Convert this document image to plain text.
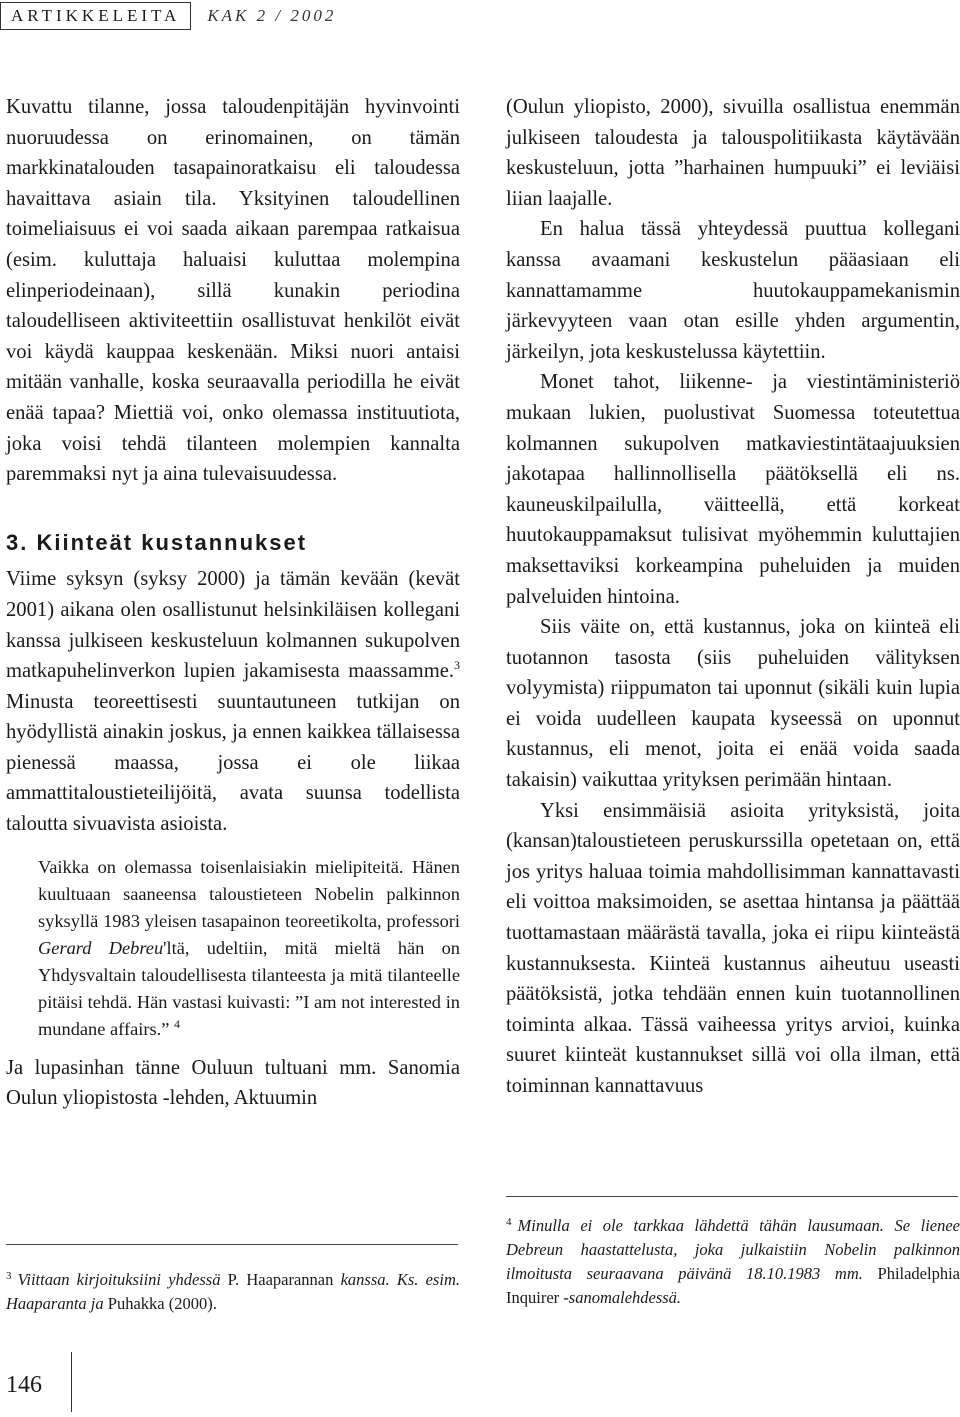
ARTIKKELEITA	KAK 2 / 2002

Kuvattu tilanne, jossa taloudenpitäjän hyvinvointi nuoruudessa on erinomainen, on tämän markkinatalouden tasapainoratkaisu eli taloudessa havaittava asiain tila. Yksityinen taloudellinen toimeliaisuus ei voi saada aikaan parempaa ratkaisua (esim. kuluttaja haluaisi kuluttaa molempina elinperiodeinaan), sillä kunakin periodina taloudelliseen aktiviteettiin osallistuvat henkilöt eivät voi käydä kauppaa keskenään. Miksi nuori antaisi mitään vanhalle, koska seuraavalla periodilla he eivät enää tapaa? Miettiä voi, onko olemassa instituutiota, joka voisi tehdä tilanteen molempien kannalta paremmaksi nyt ja aina tulevaisuudessa.

3. Kiinteät kustannukset

Viime syksyn (syksy 2000) ja tämän kevään (kevät 2001) aikana olen osallistunut helsinkiläisen kollegani kanssa julkiseen keskusteluun kolmannen sukupolven matkapuhelinverkon lupien jakamisesta maassamme.$^3$ Minusta teoreettisesti suuntautuneen tutkijan on hyödyllistä ainakin joskus, ja ennen kaikkea tällaisessa pienessä maassa, jossa ei ole liikaa ammattitaloustieteilijöitä, avata suunsa todellista taloutta sivuavista asioista.

Vaikka on olemassa toisenlaisiakin mielipiteitä. Hänen kuultuaan saaneensa taloustieteen Nobelin palkinnon syksyllä 1983 yleisen tasapainon teoreetikolta, professori Gerard Debreu'ltä, udeltiin, mitä mieltä hän on Yhdysvaltain taloudellisesta tilanteesta ja mitä tilanteelle pitäisi tehdä. Hän vastasi kuivasti: ”I am not interested in mundane affairs.” $^4$

Ja lupasinhan tänne Ouluun tultuani mm. Sanomia Oulun yliopistosta -lehden, Aktuumin

$^3$ Viittaan kirjoituksiini yhdessä P. Haaparannan kanssa. Ks. esim. Haaparanta ja Puhakka (2000).

(Oulun yliopisto, 2000), sivuilla osallistua enemmän julkiseen taloudesta ja talouspolitiikasta käytävään keskusteluun, jotta ”harhainen humpuuki” ei leviäisi liian laajalle.

En halua tässä yhteydessä puuttua kollegani kanssa avaamani keskustelun pääasiaan eli kannattamamme huutokauppamekanismin järkevyyteen vaan otan esille yhden argumentin, järkeilyn, jota keskustelussa käytettiin.

Monet tahot, liikenne- ja viestintäministeriö mukaan lukien, puolustivat Suomessa toteutettua kolmannen sukupolven matkaviestintätaajuuksien jakotapaa hallinnollisella päätöksellä eli ns. kauneuskilpailulla, väitteellä, että korkeat huutokauppamaksut tulisivat myöhemmin kuluttajien maksettaviksi korkeampina puheluiden ja muiden palveluiden hintoina.

Siis väite on, että kustannus, joka on kiinteä eli tuotannon tasosta (siis puheluiden välityksen volyymista) riippumaton tai uponnut (sikäli kuin lupia ei voida uudelleen kaupata kyseessä on uponnut kustannus, eli menot, joita ei enää voida saada takaisin) vaikuttaa yrityksen perimään hintaan.

Yksi ensimmäisiä asioita yrityksistä, joita (kansan)taloustieteen peruskurssilla opetetaan on, että jos yritys haluaa toimia mahdollisimman kannattavasti eli voittoa maksimoiden, se asettaa hintansa ja päättää tuottamastaan määrästä tavalla, joka ei riipu kiinteästä kustannuksesta. Kiinteä kustannus aiheutuu useasti päätöksistä, jotka tehdään ennen kuin tuotannollinen toiminta alkaa. Tässä vaiheessa yritys arvioi, kuinka suuret kiinteät kustannukset sillä voi olla ilman, että toiminnan kannattavuus

$^4$ Minulla ei ole tarkkaa lähdettä tähän lausumaan. Se lienee Debreun haastattelusta, joka julkaistiin Nobelin palkinnon ilmoitusta seuraavana päivänä 18.10.1983 mm. Philadelphia Inquirer -sanomalehdessä.
146
